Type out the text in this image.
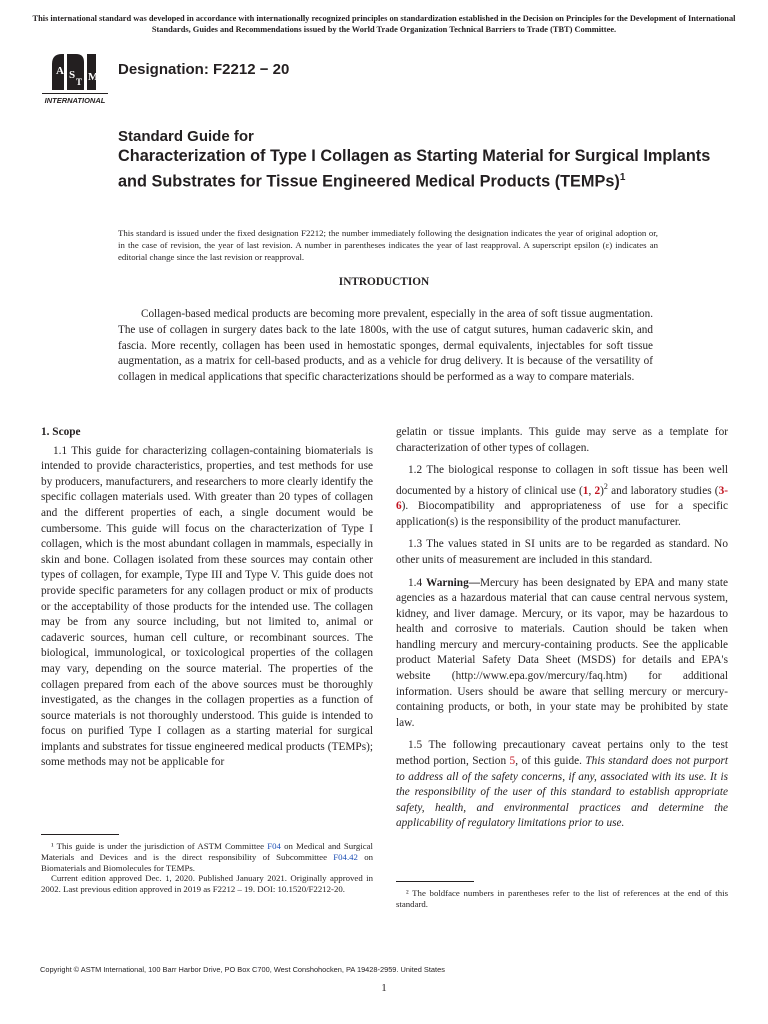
This international standard was developed in accordance with internationally recognized principles on standardization established in the Decision on Principles for the Development of International Standards, Guides and Recommendations issued by the World Trade Organization Technical Barriers to Trade (TBT) Committee.
A S M
T
INTERNATIONAL
Designation: F2212 − 20
Standard Guide for
Characterization of Type I Collagen as Starting Material for Surgical Implants and Substrates for Tissue Engineered Medical Products (TEMPs)$^1$
This standard is issued under the fixed designation F2212; the number immediately following the designation indicates the year of original adoption or, in the case of revision, the year of last revision. A number in parentheses indicates the year of last reapproval. A superscript epsilon (ε) indicates an editorial change since the last revision or reapproval.
INTRODUCTION
Collagen-based medical products are becoming more prevalent, especially in the area of soft tissue augmentation. The use of collagen in surgery dates back to the late 1800s, with the use of catgut sutures, human cadaveric skin, and fascia. More recently, collagen has been used in hemostatic sponges, dermal equivalents, injectables for soft tissue augmentation, as a matrix for cell-based products, and as a vehicle for drug delivery. It is because of the versatility of collagen in medical applications that specific characterizations should be performed as a way to compare materials.

1. Scope

1.1 This guide for characterizing collagen-containing biomaterials is intended to provide characteristics, properties, and test methods for use by producers, manufacturers, and researchers to more clearly identify the specific collagen materials used. With greater than 20 types of collagen and the different properties of each, a single document would be cumbersome. This guide will focus on the characterization of Type I collagen, which is the most abundant collagen in mammals, especially in skin and bone. Collagen isolated from these sources may contain other types of collagen, for example, Type III and Type V. This guide does not provide specific parameters for any collagen product or mix of products or the acceptability of those products for the intended use. The collagen may be from any source including, but not limited to, animal or cadaveric sources, human cell culture, or recombinant sources. The biological, immunological, or toxicological properties of the collagen may vary, depending on the source material. The properties of the collagen prepared from each of the above sources must be thoroughly investigated, as the changes in the collagen properties as a function of source materials is not thoroughly understood. This guide is intended to focus on purified Type I collagen as a starting material for surgical implants and substrates for tissue engineered medical products (TEMPs); some methods may not be applicable for

¹ This guide is under the jurisdiction of ASTM Committee F04 on Medical and Surgical Materials and Devices and is the direct responsibility of Subcommittee F04.42 on Biomaterials and Biomolecules for TEMPs.

Current edition approved Dec. 1, 2020. Published January 2021. Originally approved in 2002. Last previous edition approved in 2019 as F2212 – 19. DOI: 10.1520/F2212-20.

gelatin or tissue implants. This guide may serve as a template for characterization of other types of collagen.

1.2 The biological response to collagen in soft tissue has been well documented by a history of clinical use (1, 2)$^2$ and laboratory studies (3-6). Biocompatibility and appropriateness of use for a specific application(s) is the responsibility of the product manufacturer.

1.3 The values stated in SI units are to be regarded as standard. No other units of measurement are included in this standard.

1.4 Warning—Mercury has been designated by EPA and many state agencies as a hazardous material that can cause central nervous system, kidney, and liver damage. Mercury, or its vapor, may be hazardous to health and corrosive to materials. Caution should be taken when handling mercury and mercury-containing products. See the applicable product Material Safety Data Sheet (MSDS) for details and EPA's website (http://www.epa.gov/mercury/faq.htm) for additional information. Users should be aware that selling mercury or mercury-containing products, or both, in your state may be prohibited by state law.

1.5 The following precautionary caveat pertains only to the test method portion, Section 5, of this guide. This standard does not purport to address all of the safety concerns, if any, associated with its use. It is the responsibility of the user of this standard to establish appropriate safety, health, and environmental practices and determine the applicability of regulatory limitations prior to use.

² The boldface numbers in parentheses refer to the list of references at the end of this standard.

Copyright © ASTM International, 100 Barr Harbor Drive, PO Box C700, West Conshohocken, PA 19428-2959. United States
1
